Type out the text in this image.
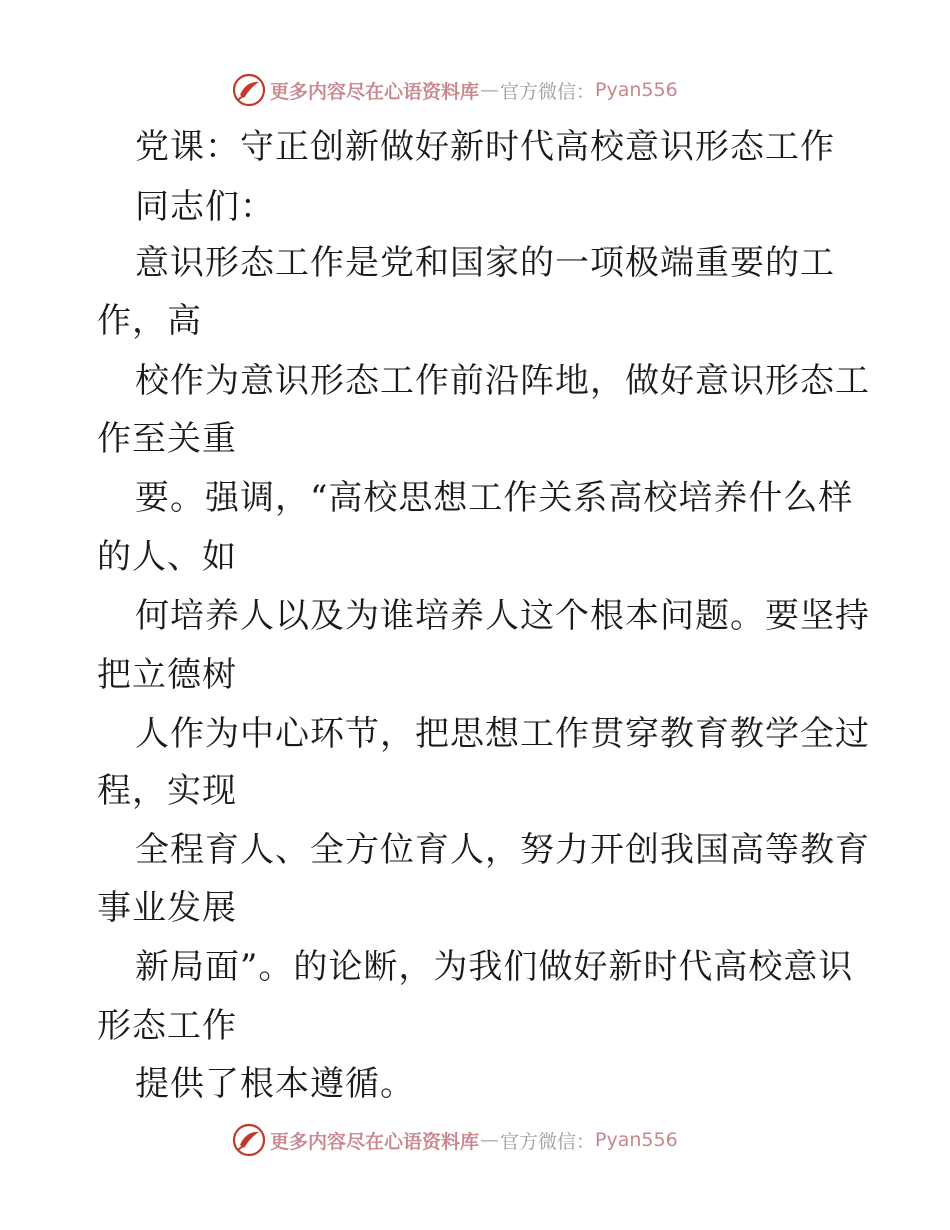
更多内容尽在心语资料库 — 官方微信： Pyan556
党课：守正创新做好新时代高校意识形态工作
同志们：
意识形态工作是党和国家的一项极端重要的工
作，高
校作为意识形态工作前沿阵地，做好意识形态工
作至关重
要。强调，“高校思想工作关系高校培养什么样
的人、如
何培养人以及为谁培养人这个根本问题。要坚持
把立德树
人作为中心环节，把思想工作贯穿教育教学全过
程，实现
全程育人、全方位育人，努力开创我国高等教育
事业发展
新局面”。的论断，为我们做好新时代高校意识
形态工作
提供了根本遵循。
更多内容尽在心语资料库 — 官方微信： Pyan556
